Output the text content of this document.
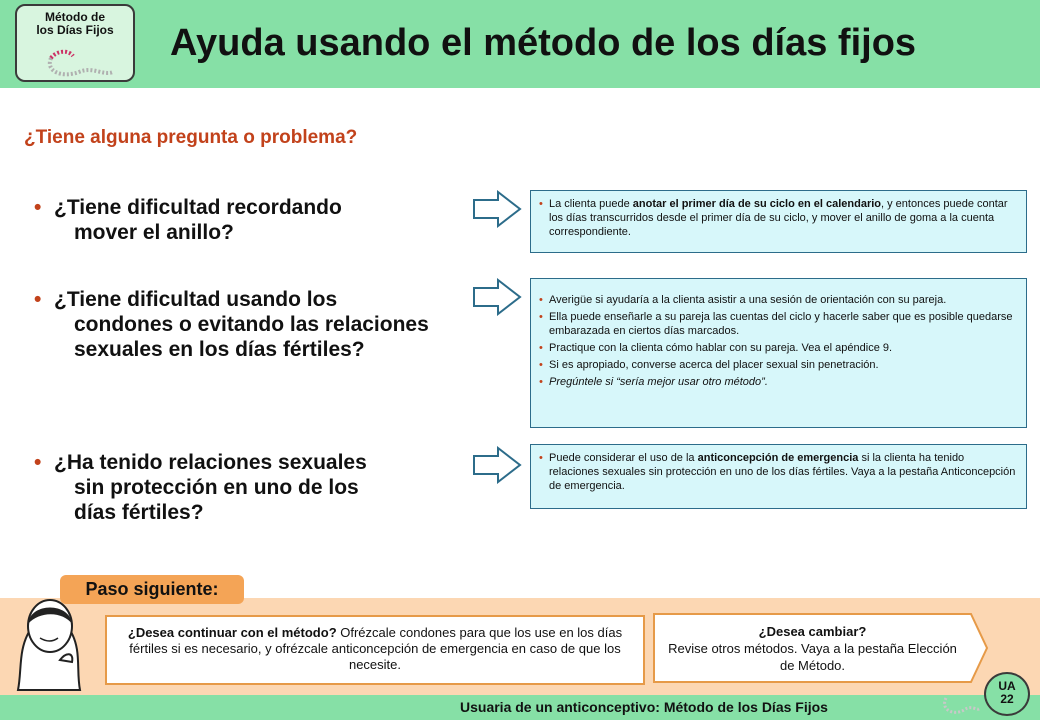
Método de
los Días Fijos	Ayuda usando el método de los días fijos
¿Tiene alguna pregunta o problema?
• ¿Tiene dificultad recordando
mover el anillo?
• La clienta puede anotar el primer día de su ciclo en el calendario, y entonces puede contar los días transcurridos desde el primer día de su ciclo, y mover el anillo de goma a la cuenta correspondiente.
• ¿Tiene dificultad usando los
condones o evitando las relaciones
sexuales en los días fértiles?
• Averigüe si ayudaría a la clienta asistir a una sesión de orientación con su pareja.
• Ella puede enseñarle a su pareja las cuentas del ciclo y hacerle saber que es posible quedarse embarazada en ciertos días marcados.
• Practique con la clienta cómo hablar con su pareja. Vea el apéndice 9.
• Si es apropiado, converse acerca del placer sexual sin penetración.
• Pregúntele si “sería mejor usar otro método”.
• ¿Ha tenido relaciones sexuales
sin protección en uno de los
días fértiles?
• Puede considerar el uso de la anticoncepción de emergencia si la clienta ha tenido relaciones sexuales sin protección en uno de los días fértiles. Vaya a la pestaña Anticoncepción de emergencia.
Paso siguiente:
¿Desea continuar con el método? Ofrézcale condones para que los use en los días fértiles si es necesario, y ofrézcale anticoncepción de emergencia en caso de que los necesite.
¿Desea cambiar?
Revise otros métodos. Vaya a la pestaña Elección de Método.
Usuaria de un anticonceptivo: Método de los Días Fijos
UA
22
